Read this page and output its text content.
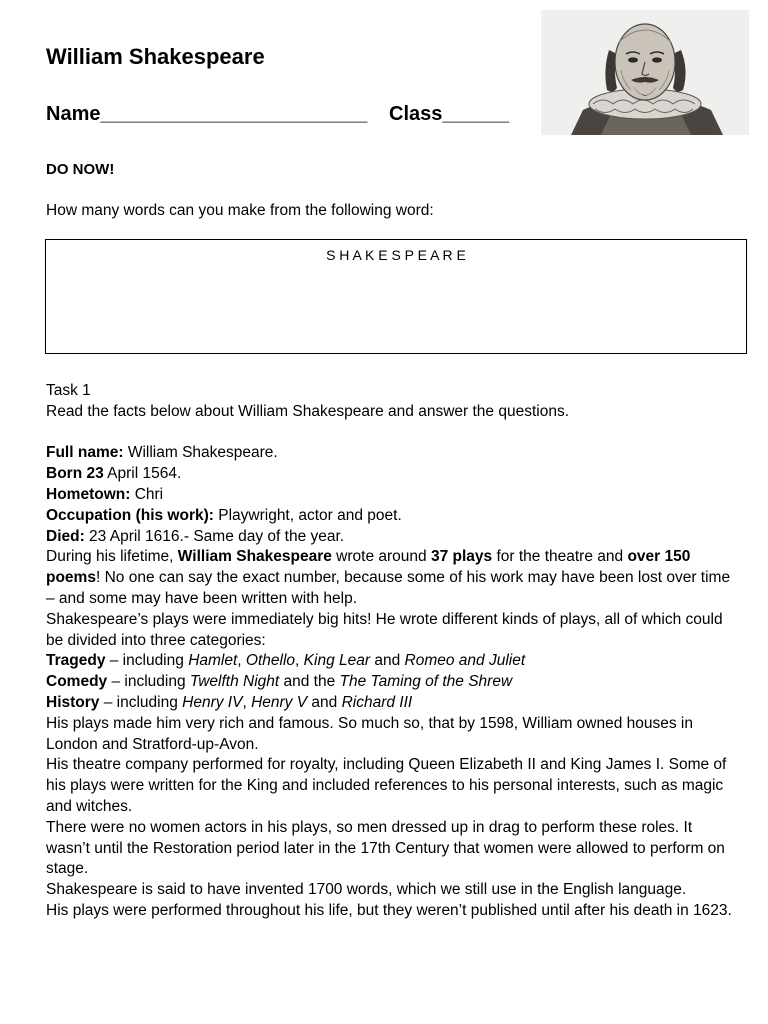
William Shakespeare
Name________________________ Class______
DO NOW!
How many words can you make from the following word:
S H A K E S P E A R E

Task 1

Read the facts below about William Shakespeare and answer the questions.

Full name: William Shakespeare.

Born 23 April 1564.

Hometown: Chri

Occupation (his work): Playwright, actor and poet.

Died: 23 April 1616.- Same day of the year.

During his lifetime, William Shakespeare wrote around 37 plays for the theatre and over 150 poems! No one can say the exact number, because some of his work may have been lost over time – and some may have been written with help.

Shakespeare’s plays were immediately big hits! He wrote different kinds of plays, all of which could be divided into three categories:

Tragedy – including Hamlet, Othello, King Lear and Romeo and Juliet

Comedy – including Twelfth Night and the The Taming of the Shrew

History – including Henry IV, Henry V and Richard III

His plays made him very rich and famous. So much so, that by 1598, William owned houses in London and Stratford-up-Avon.

His theatre company performed for royalty, including Queen Elizabeth II and King James I. Some of his plays were written for the King and included references to his personal interests, such as magic and witches.

There were no women actors in his plays, so men dressed up in drag to perform these roles. It wasn’t until the Restoration period later in the 17th Century that women were allowed to perform on stage.

Shakespeare is said to have invented 1700 words, which we still use in the English language.

His plays were performed throughout his life, but they weren’t published until after his death in 1623.
